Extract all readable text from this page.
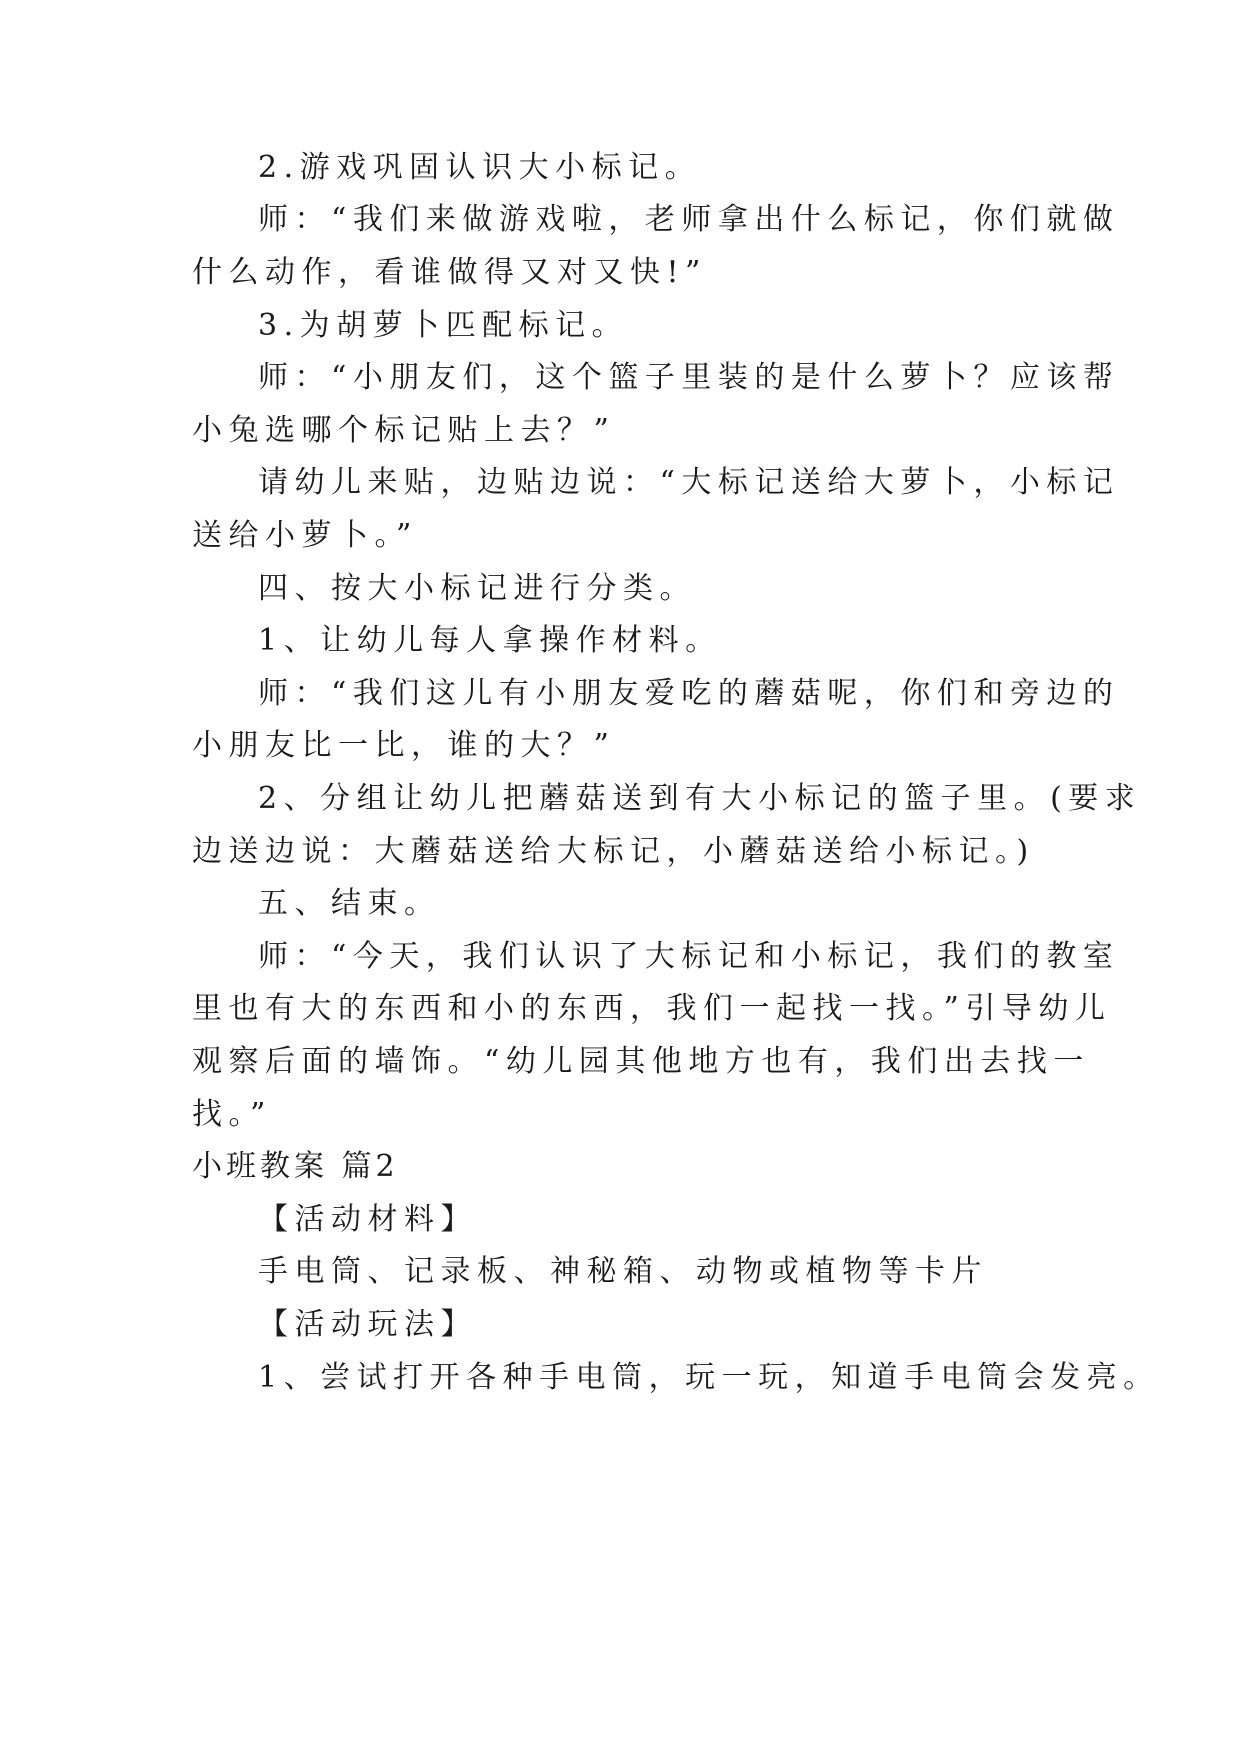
2.游戏巩固认识大小标记。
师：“我们来做游戏啦，老师拿出什么标记，你们就做
什么动作，看谁做得又对又快!”
3.为胡萝卜匹配标记。
师：“小朋友们，这个篮子里装的是什么萝卜？应该帮
小兔选哪个标记贴上去？”
请幼儿来贴，边贴边说：“大标记送给大萝卜，小标记
送给小萝卜。”
四、按大小标记进行分类。
1、让幼儿每人拿操作材料。
师：“我们这儿有小朋友爱吃的蘑菇呢，你们和旁边的
小朋友比一比，谁的大？”
2、分组让幼儿把蘑菇送到有大小标记的篮子里。(要求
边送边说：大蘑菇送给大标记，小蘑菇送给小标记。)
五、结束。
师：“今天，我们认识了大标记和小标记，我们的教室
里也有大的东西和小的东西，我们一起找一找。”引导幼儿
观察后面的墙饰。“幼儿园其他地方也有，我们出去找一
找。”
小班教案 篇2
【活动材料】
手电筒、记录板、神秘箱、动物或植物等卡片
【活动玩法】
1、尝试打开各种手电筒，玩一玩，知道手电筒会发亮。
